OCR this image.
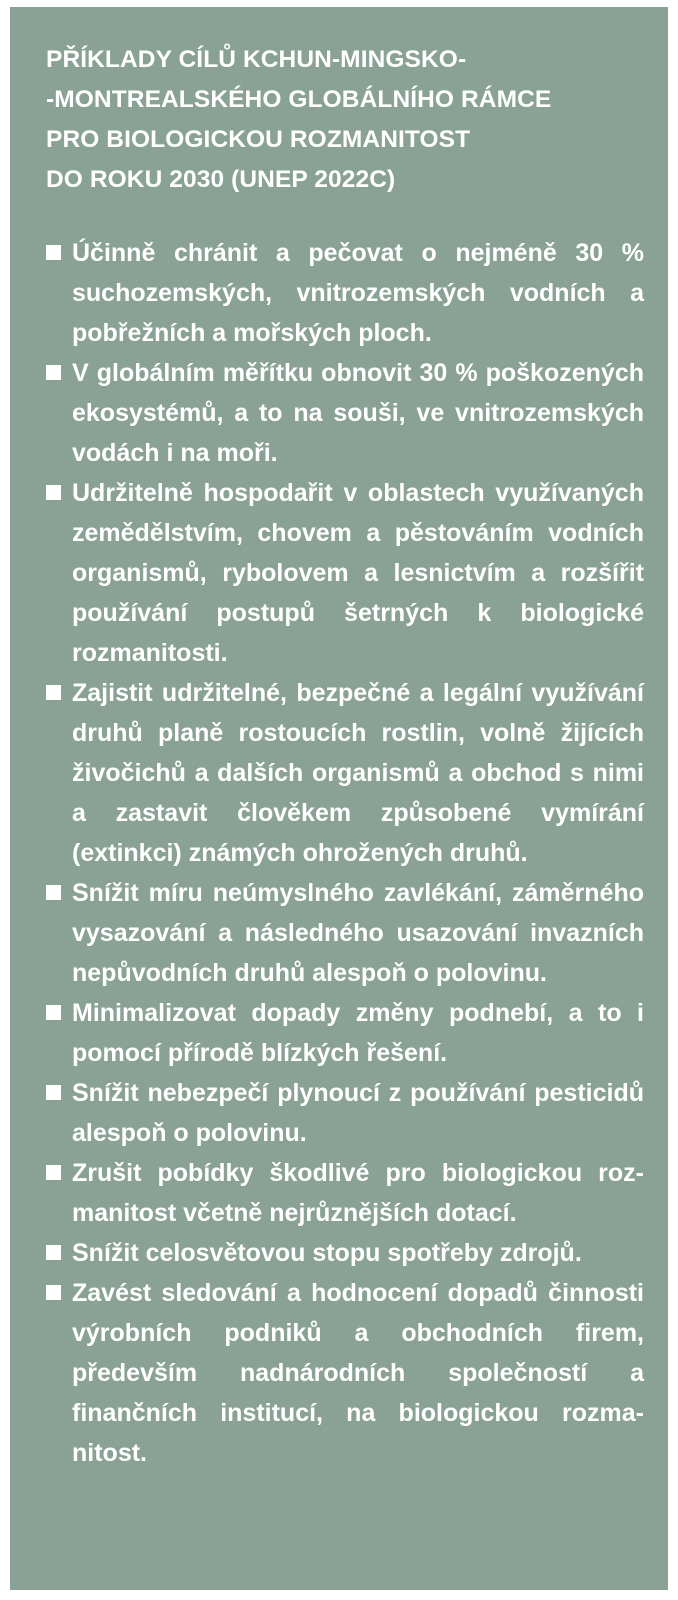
PŘÍKLADY CÍLŮ KCHUN-MINGSKO-
-MONTREALSKÉHO GLOBÁLNÍHO RÁMCE
PRO BIOLOGICKOU ROZMANITOST
DO ROKU 2030 (UNEP 2022C)
Účinně chránit a pečovat o nejméně 30 % suchozemských, vnitrozemských vodních a pobřežních a mořských ploch.
V globálním měřítku obnovit 30 % poškozených ekosystémů, a to na souši, ve vnitrozemských vodách i na moři.
Udržitelně hospodařit v oblastech využívaných zemědělstvím, chovem a pěstováním vodních organismů, rybolovem a lesnictvím a rozšířit používání postupů šetrných k biologické rozmanitosti.
Zajistit udržitelné, bezpečné a legální využívání druhů planě rostoucích rostlin, volně žijících živočichů a dalších organismů a obchod s nimi a zastavit člověkem způsobené vymírání (extinkci) známých ohrožených druhů.
Snížit míru neúmyslného zavlékání, záměrného vysazování a následného usazování invazních nepůvodních druhů alespoň o polovinu.
Minimalizovat dopady změny podnebí, a to i pomocí přírodě blízkých řešení.
Snížit nebezpečí plynoucí z používání pesticidů alespoň o polovinu.
Zrušit pobídky škodlivé pro biologickou rozmanitost včetně nejrůznějších dotací.
Snížit celosvětovou stopu spotřeby zdrojů.
Zavést sledování a hodnocení dopadů činnosti výrobních podniků a obchodních firem, především nadnárodních společností a finančních institucí, na biologickou rozmanitost.
